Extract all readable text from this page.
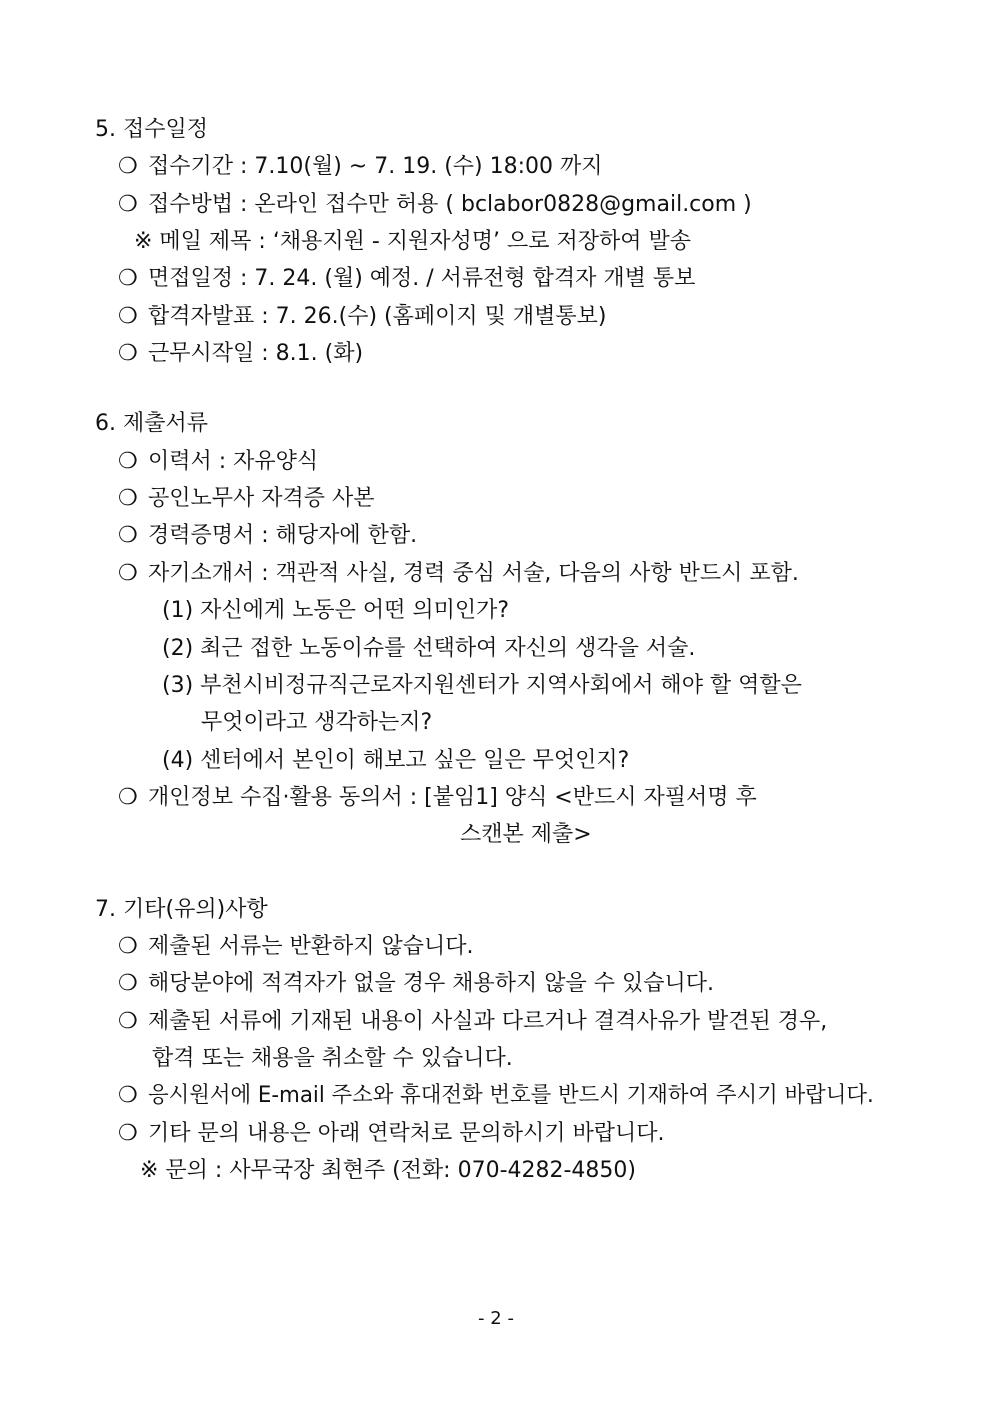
5. 접수일정
❍ 접수기간 : 7.10(월) ~ 7. 19. (수) 18:00 까지
❍ 접수방법 : 온라인 접수만 허용 ( bclabor0828@gmail.com )
※ 메일 제목 : ‘채용지원 - 지원자성명’ 으로 저장하여 발송
❍ 면접일정 : 7. 24. (월) 예정. / 서류전형 합격자 개별 통보
❍ 합격자발표 : 7. 26.(수) (홈페이지 및 개별통보)
❍ 근무시작일 : 8.1. (화)
6. 제출서류
❍ 이력서 : 자유양식
❍ 공인노무사 자격증 사본
❍ 경력증명서 : 해당자에 한함.
❍ 자기소개서 : 객관적 사실, 경력 중심 서술, 다음의 사항 반드시 포함.
(1) 자신에게 노동은 어떤 의미인가?
(2) 최근 접한 노동이슈를 선택하여 자신의 생각을 서술.
(3) 부천시비정규직근로자지원센터가 지역사회에서 해야 할 역할은
무엇이라고 생각하는지?
(4) 센터에서 본인이 해보고 싶은 일은 무엇인지?
❍ 개인정보 수집·활용 동의서 : [붙임1] 양식 <반드시 자필서명 후
스캔본 제출>
7. 기타(유의)사항
❍ 제출된 서류는 반환하지 않습니다.
❍ 해당분야에 적격자가 없을 경우 채용하지 않을 수 있습니다.
❍ 제출된 서류에 기재된 내용이 사실과 다르거나 결격사유가 발견된 경우,
합격 또는 채용을 취소할 수 있습니다.
❍ 응시원서에 E-mail 주소와 휴대전화 번호를 반드시 기재하여 주시기 바랍니다.
❍ 기타 문의 내용은 아래 연락처로 문의하시기 바랍니다.
※ 문의 : 사무국장 최현주 (전화: 070-4282-4850)
- 2 -
